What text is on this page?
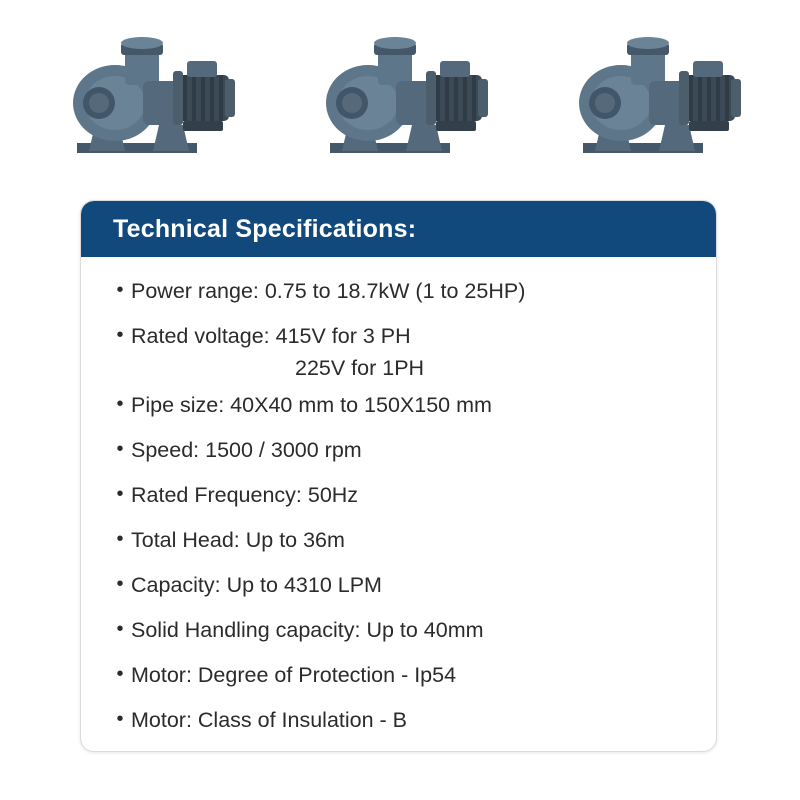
Technical Specifications:
• Power range: 0.75 to 18.7kW (1 to 25HP)
• Rated voltage: 415V for 3 PH
225V for 1PH
• Pipe size: 40X40 mm to 150X150 mm
• Speed: 1500 / 3000 rpm
• Rated Frequency: 50Hz
• Total Head: Up to 36m
• Capacity: Up to 4310 LPM
• Solid Handling capacity: Up to 40mm
• Motor: Degree of Protection - Ip54
• Motor: Class of Insulation - B
